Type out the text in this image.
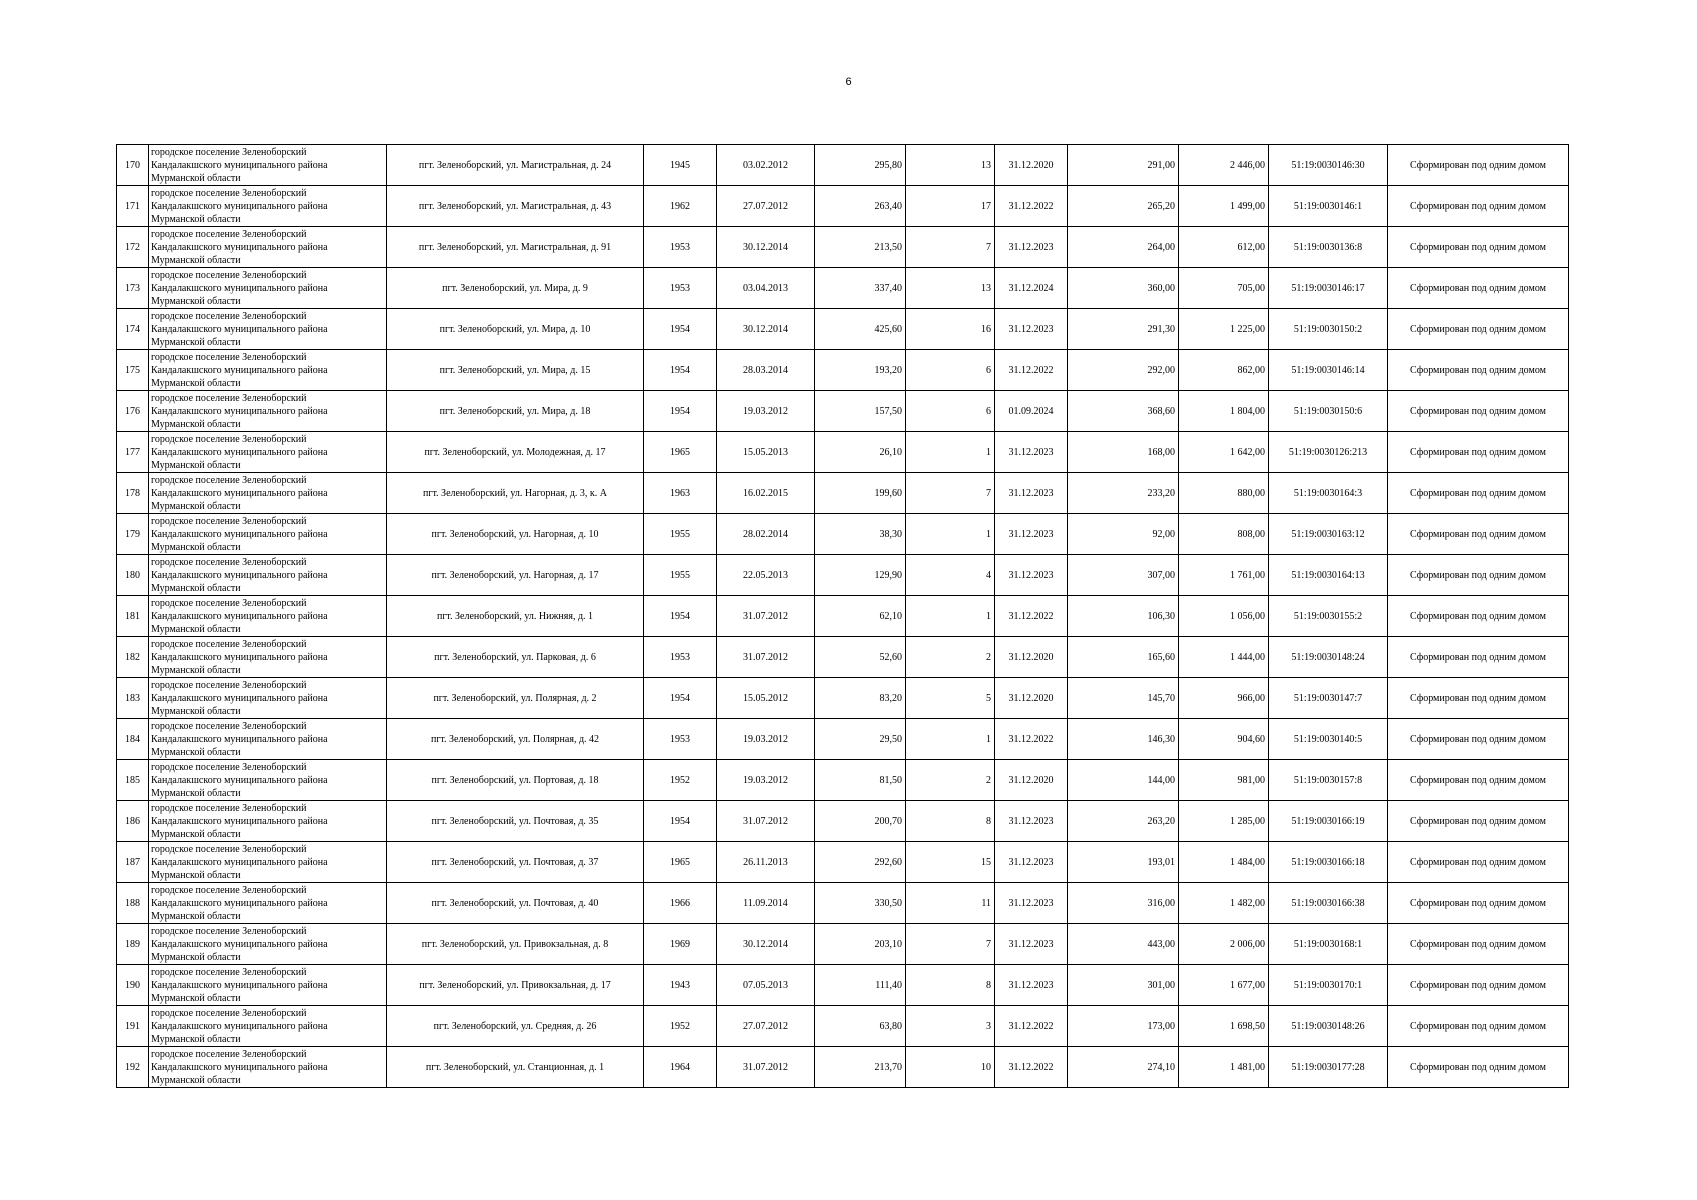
6
170	городское поселение Зеленоборский
Кандалакшского муниципального района
Мурманской области	пгт. Зеленоборский, ул. Магистральная, д. 24	1945	03.02.2012	295,80	13	31.12.2020	291,00	2 446,00	51:19:0030146:30	Сформирован под одним домом
171	городское поселение Зеленоборский
Кандалакшского муниципального района
Мурманской области	пгт. Зеленоборский, ул. Магистральная, д. 43	1962	27.07.2012	263,40	17	31.12.2022	265,20	1 499,00	51:19:0030146:1	Сформирован под одним домом
172	городское поселение Зеленоборский
Кандалакшского муниципального района
Мурманской области	пгт. Зеленоборский, ул. Магистральная, д. 91	1953	30.12.2014	213,50	7	31.12.2023	264,00	612,00	51:19:0030136:8	Сформирован под одним домом
173	городское поселение Зеленоборский
Кандалакшского муниципального района
Мурманской области	пгт. Зеленоборский, ул. Мира, д. 9	1953	03.04.2013	337,40	13	31.12.2024	360,00	705,00	51:19:0030146:17	Сформирован под одним домом
174	городское поселение Зеленоборский
Кандалакшского муниципального района
Мурманской области	пгт. Зеленоборский, ул. Мира, д. 10	1954	30.12.2014	425,60	16	31.12.2023	291,30	1 225,00	51:19:0030150:2	Сформирован под одним домом
175	городское поселение Зеленоборский
Кандалакшского муниципального района
Мурманской области	пгт. Зеленоборский, ул. Мира, д. 15	1954	28.03.2014	193,20	6	31.12.2022	292,00	862,00	51:19:0030146:14	Сформирован под одним домом
176	городское поселение Зеленоборский
Кандалакшского муниципального района
Мурманской области	пгт. Зеленоборский, ул. Мира, д. 18	1954	19.03.2012	157,50	6	01.09.2024	368,60	1 804,00	51:19:0030150:6	Сформирован под одним домом
177	городское поселение Зеленоборский
Кандалакшского муниципального района
Мурманской области	пгт. Зеленоборский, ул. Молодежная, д. 17	1965	15.05.2013	26,10	1	31.12.2023	168,00	1 642,00	51:19:0030126:213	Сформирован под одним домом
178	городское поселение Зеленоборский
Кандалакшского муниципального района
Мурманской области	пгт. Зеленоборский, ул. Нагорная, д. 3, к. А	1963	16.02.2015	199,60	7	31.12.2023	233,20	880,00	51:19:0030164:3	Сформирован под одним домом
179	городское поселение Зеленоборский
Кандалакшского муниципального района
Мурманской области	пгт. Зеленоборский, ул. Нагорная, д. 10	1955	28.02.2014	38,30	1	31.12.2023	92,00	808,00	51:19:0030163:12	Сформирован под одним домом
180	городское поселение Зеленоборский
Кандалакшского муниципального района
Мурманской области	пгт. Зеленоборский, ул. Нагорная, д. 17	1955	22.05.2013	129,90	4	31.12.2023	307,00	1 761,00	51:19:0030164:13	Сформирован под одним домом
181	городское поселение Зеленоборский
Кандалакшского муниципального района
Мурманской области	пгт. Зеленоборский, ул. Нижняя, д. 1	1954	31.07.2012	62,10	1	31.12.2022	106,30	1 056,00	51:19:0030155:2	Сформирован под одним домом
182	городское поселение Зеленоборский
Кандалакшского муниципального района
Мурманской области	пгт. Зеленоборский, ул. Парковая, д. 6	1953	31.07.2012	52,60	2	31.12.2020	165,60	1 444,00	51:19:0030148:24	Сформирован под одним домом
183	городское поселение Зеленоборский
Кандалакшского муниципального района
Мурманской области	пгт. Зеленоборский, ул. Полярная, д. 2	1954	15.05.2012	83,20	5	31.12.2020	145,70	966,00	51:19:0030147:7	Сформирован под одним домом
184	городское поселение Зеленоборский
Кандалакшского муниципального района
Мурманской области	пгт. Зеленоборский, ул. Полярная, д. 42	1953	19.03.2012	29,50	1	31.12.2022	146,30	904,60	51:19:0030140:5	Сформирован под одним домом
185	городское поселение Зеленоборский
Кандалакшского муниципального района
Мурманской области	пгт. Зеленоборский, ул. Портовая, д. 18	1952	19.03.2012	81,50	2	31.12.2020	144,00	981,00	51:19:0030157:8	Сформирован под одним домом
186	городское поселение Зеленоборский
Кандалакшского муниципального района
Мурманской области	пгт. Зеленоборский, ул. Почтовая, д. 35	1954	31.07.2012	200,70	8	31.12.2023	263,20	1 285,00	51:19:0030166:19	Сформирован под одним домом
187	городское поселение Зеленоборский
Кандалакшского муниципального района
Мурманской области	пгт. Зеленоборский, ул. Почтовая, д. 37	1965	26.11.2013	292,60	15	31.12.2023	193,01	1 484,00	51:19:0030166:18	Сформирован под одним домом
188	городское поселение Зеленоборский
Кандалакшского муниципального района
Мурманской области	пгт. Зеленоборский, ул. Почтовая, д. 40	1966	11.09.2014	330,50	11	31.12.2023	316,00	1 482,00	51:19:0030166:38	Сформирован под одним домом
189	городское поселение Зеленоборский
Кандалакшского муниципального района
Мурманской области	пгт. Зеленоборский, ул. Привокзальная, д. 8	1969	30.12.2014	203,10	7	31.12.2023	443,00	2 006,00	51:19:0030168:1	Сформирован под одним домом
190	городское поселение Зеленоборский
Кандалакшского муниципального района
Мурманской области	пгт. Зеленоборский, ул. Привокзальная, д. 17	1943	07.05.2013	111,40	8	31.12.2023	301,00	1 677,00	51:19:0030170:1	Сформирован под одним домом
191	городское поселение Зеленоборский
Кандалакшского муниципального района
Мурманской области	пгт. Зеленоборский, ул. Средняя, д. 26	1952	27.07.2012	63,80	3	31.12.2022	173,00	1 698,50	51:19:0030148:26	Сформирован под одним домом
192	городское поселение Зеленоборский
Кандалакшского муниципального района
Мурманской области	пгт. Зеленоборский, ул. Станционная, д. 1	1964	31.07.2012	213,70	10	31.12.2022	274,10	1 481,00	51:19:0030177:28	Сформирован под одним домом
